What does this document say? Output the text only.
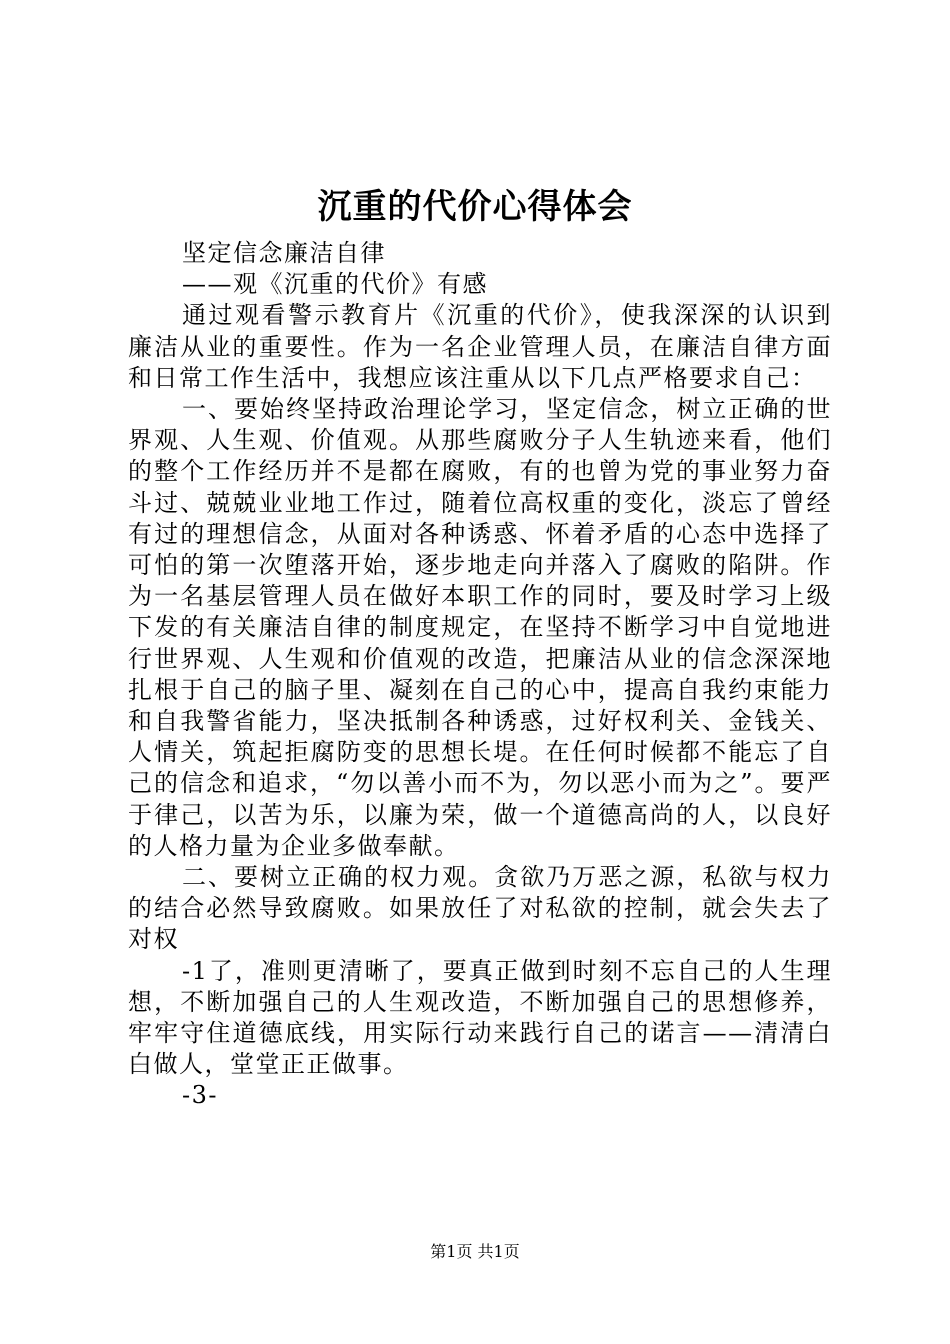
沉重的代价心得体会

坚定信念廉洁自律

——观《沉重的代价》有感

通过观看警示教育片《沉重的代价》，使我深深的认识到廉洁从业的重要性。作为一名企业管理人员，在廉洁自律方面和日常工作生活中，我想应该注重从以下几点严格要求自己：

一、要始终坚持政治理论学习，坚定信念，树立正确的世界观、人生观、价值观。从那些腐败分子人生轨迹来看，他们的整个工作经历并不是都在腐败，有的也曾为党的事业努力奋斗过、兢兢业业地工作过，随着位高权重的变化，淡忘了曾经有过的理想信念，从面对各种诱惑、怀着矛盾的心态中选择了可怕的第一次堕落开始，逐步地走向并落入了腐败的陷阱。作为一名基层管理人员在做好本职工作的同时，要及时学习上级下发的有关廉洁自律的制度规定，在坚持不断学习中自觉地进行世界观、人生观和价值观的改造，把廉洁从业的信念深深地扎根于自己的脑子里、凝刻在自己的心中，提高自我约束能力和自我警省能力，坚决抵制各种诱惑，过好权利关、金钱关、人情关，筑起拒腐防变的思想长堤。在任何时候都不能忘了自己的信念和追求，“勿以善小而不为，勿以恶小而为之”。要严于律己，以苦为乐，以廉为荣，做一个道德高尚的人，以良好的人格力量为企业多做奉献。

二、要树立正确的权力观。贪欲乃万恶之源，私欲与权力的结合必然导致腐败。如果放任了对私欲的控制，就会失去了对权

-1了，准则更清晰了，要真正做到时刻不忘自己的人生理想，不断加强自己的人生观改造，不断加强自己的思想修养，牢牢守住道德底线，用实际行动来践行自己的诺言——清清白白做人，堂堂正正做事。

-3-

第1页 共1页
